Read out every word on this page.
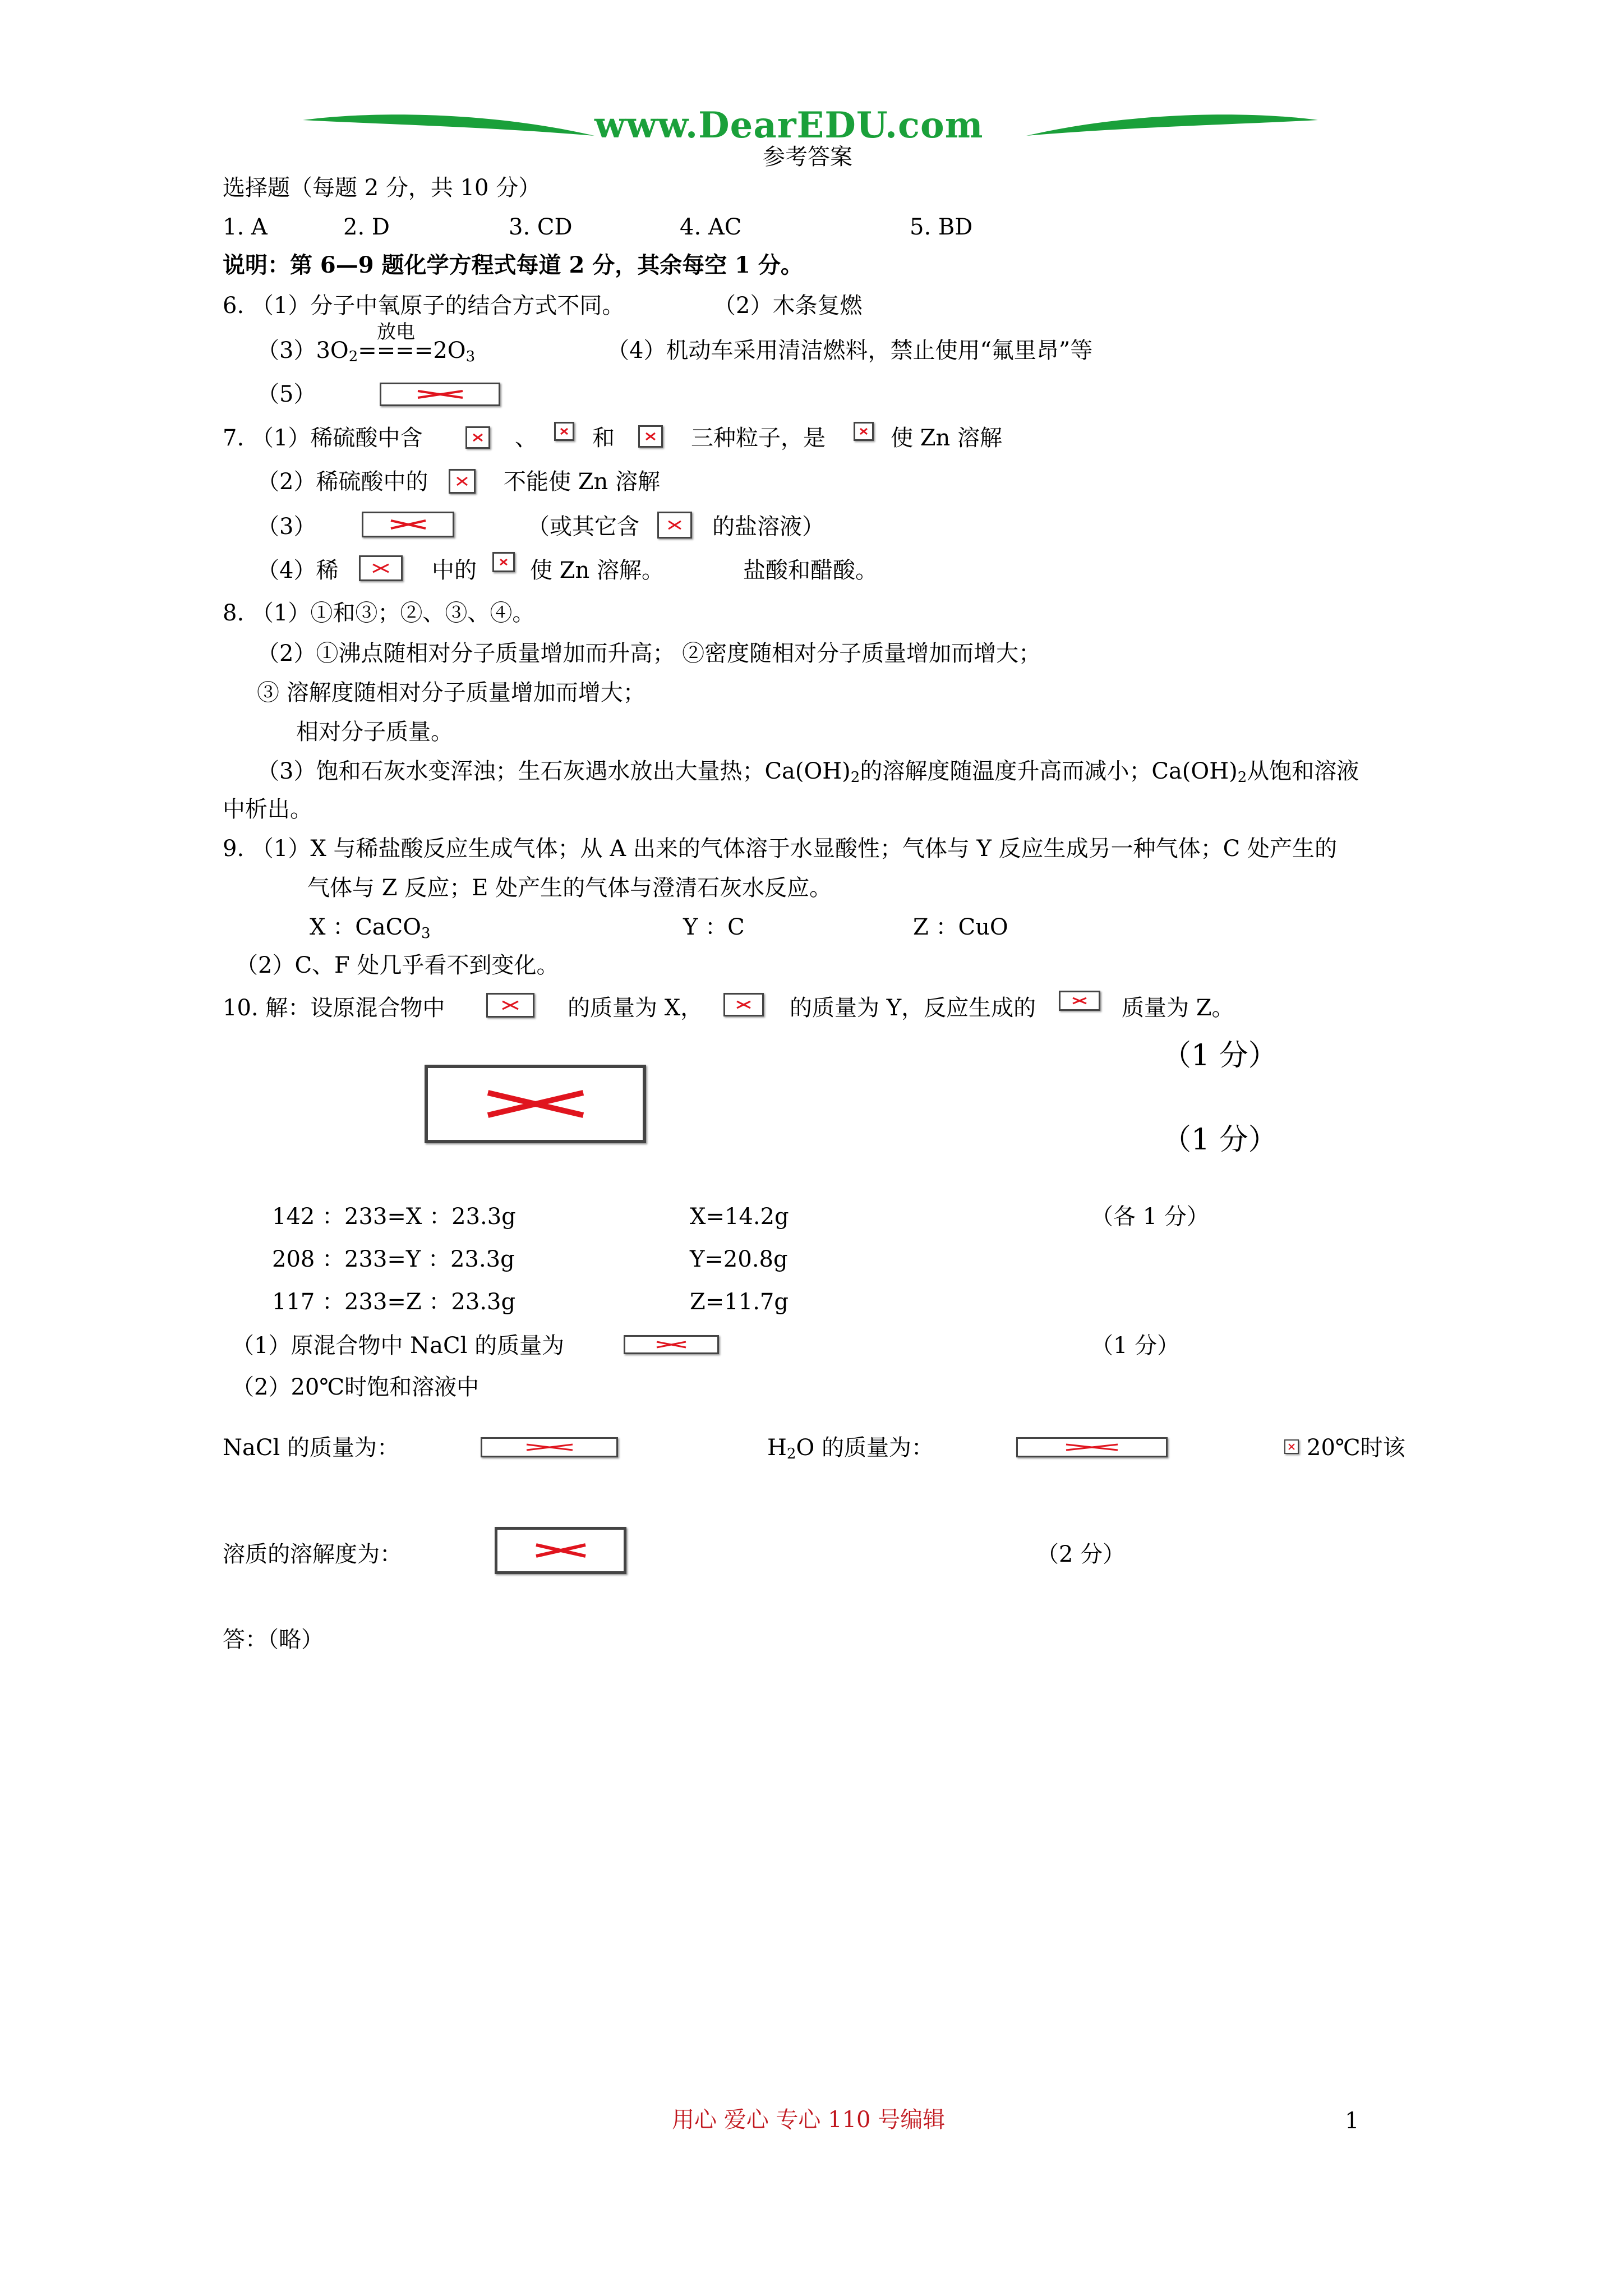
www.DearEDU.com
参考答案
选择题（每题 2 分，共 10 分）
1. A	2. D	3. CD	4. AC	5. BD
说明：第 6—9 题化学方程式每道 2 分，其余每空 1 分。
6. （1）分子中氧原子的结合方式不同。	（2）木条复燃
放电
$(3)3O_2====2O_3$	（4）机动车采用清洁燃料，禁止使用“氟里昂”等
（5）
7. （1）稀硫酸中含	、 和	三种粒子，是	使 Zn 溶解
（2）稀硫酸中的	不能使 Zn 溶解
（3）	（或其它含	的盐溶液）
（4）稀	中的 使 Zn 溶解。	盐酸和醋酸。
8. （1）①和③；②、③、④。
（2）①沸点随相对分子质量增加而升高； ②密度随相对分子质量增加而增大；
③ 溶解度随相对分子质量增加而增大；
相对分子质量。
（3）饱和石灰水变浑浊；生石灰遇水放出大量热；$Ca(OH)_2$的溶解度随温度升高而减小；$Ca(OH)_2$从饱和溶液
中析出。
9. （1）X 与稀盐酸反应生成气体；从 A 出来的气体溶于水显酸性；气体与 Y 反应生成另一种气体；C 处产生的
气体与 Z 反应；E 处产生的气体与澄清石灰水反应。
X ：CaCO$_3$	Y ：C	Z ：CuO
（2）C、F 处几乎看不到变化。
10. 解：设原混合物中	的质量为 X，	的质量为 Y，反应生成的	质量为 Z。
（1 分）
（1 分）
142 ：233=X ：23.3g	X=14.2g	（各 1 分）
208 ：233=Y ：23.3g	Y=20.8g
117 ：233=Z ：23.3g	Z=11.7g
（1）原混合物中 NaCl 的质量为	（1 分）
（2）20℃时饱和溶液中
NaCl 的质量为：	$H_2O$ 的质量为：	20℃时该
溶质的溶解度为：	（2 分）
答：（略）
用心 爱心 专心 110 号编辑	1
